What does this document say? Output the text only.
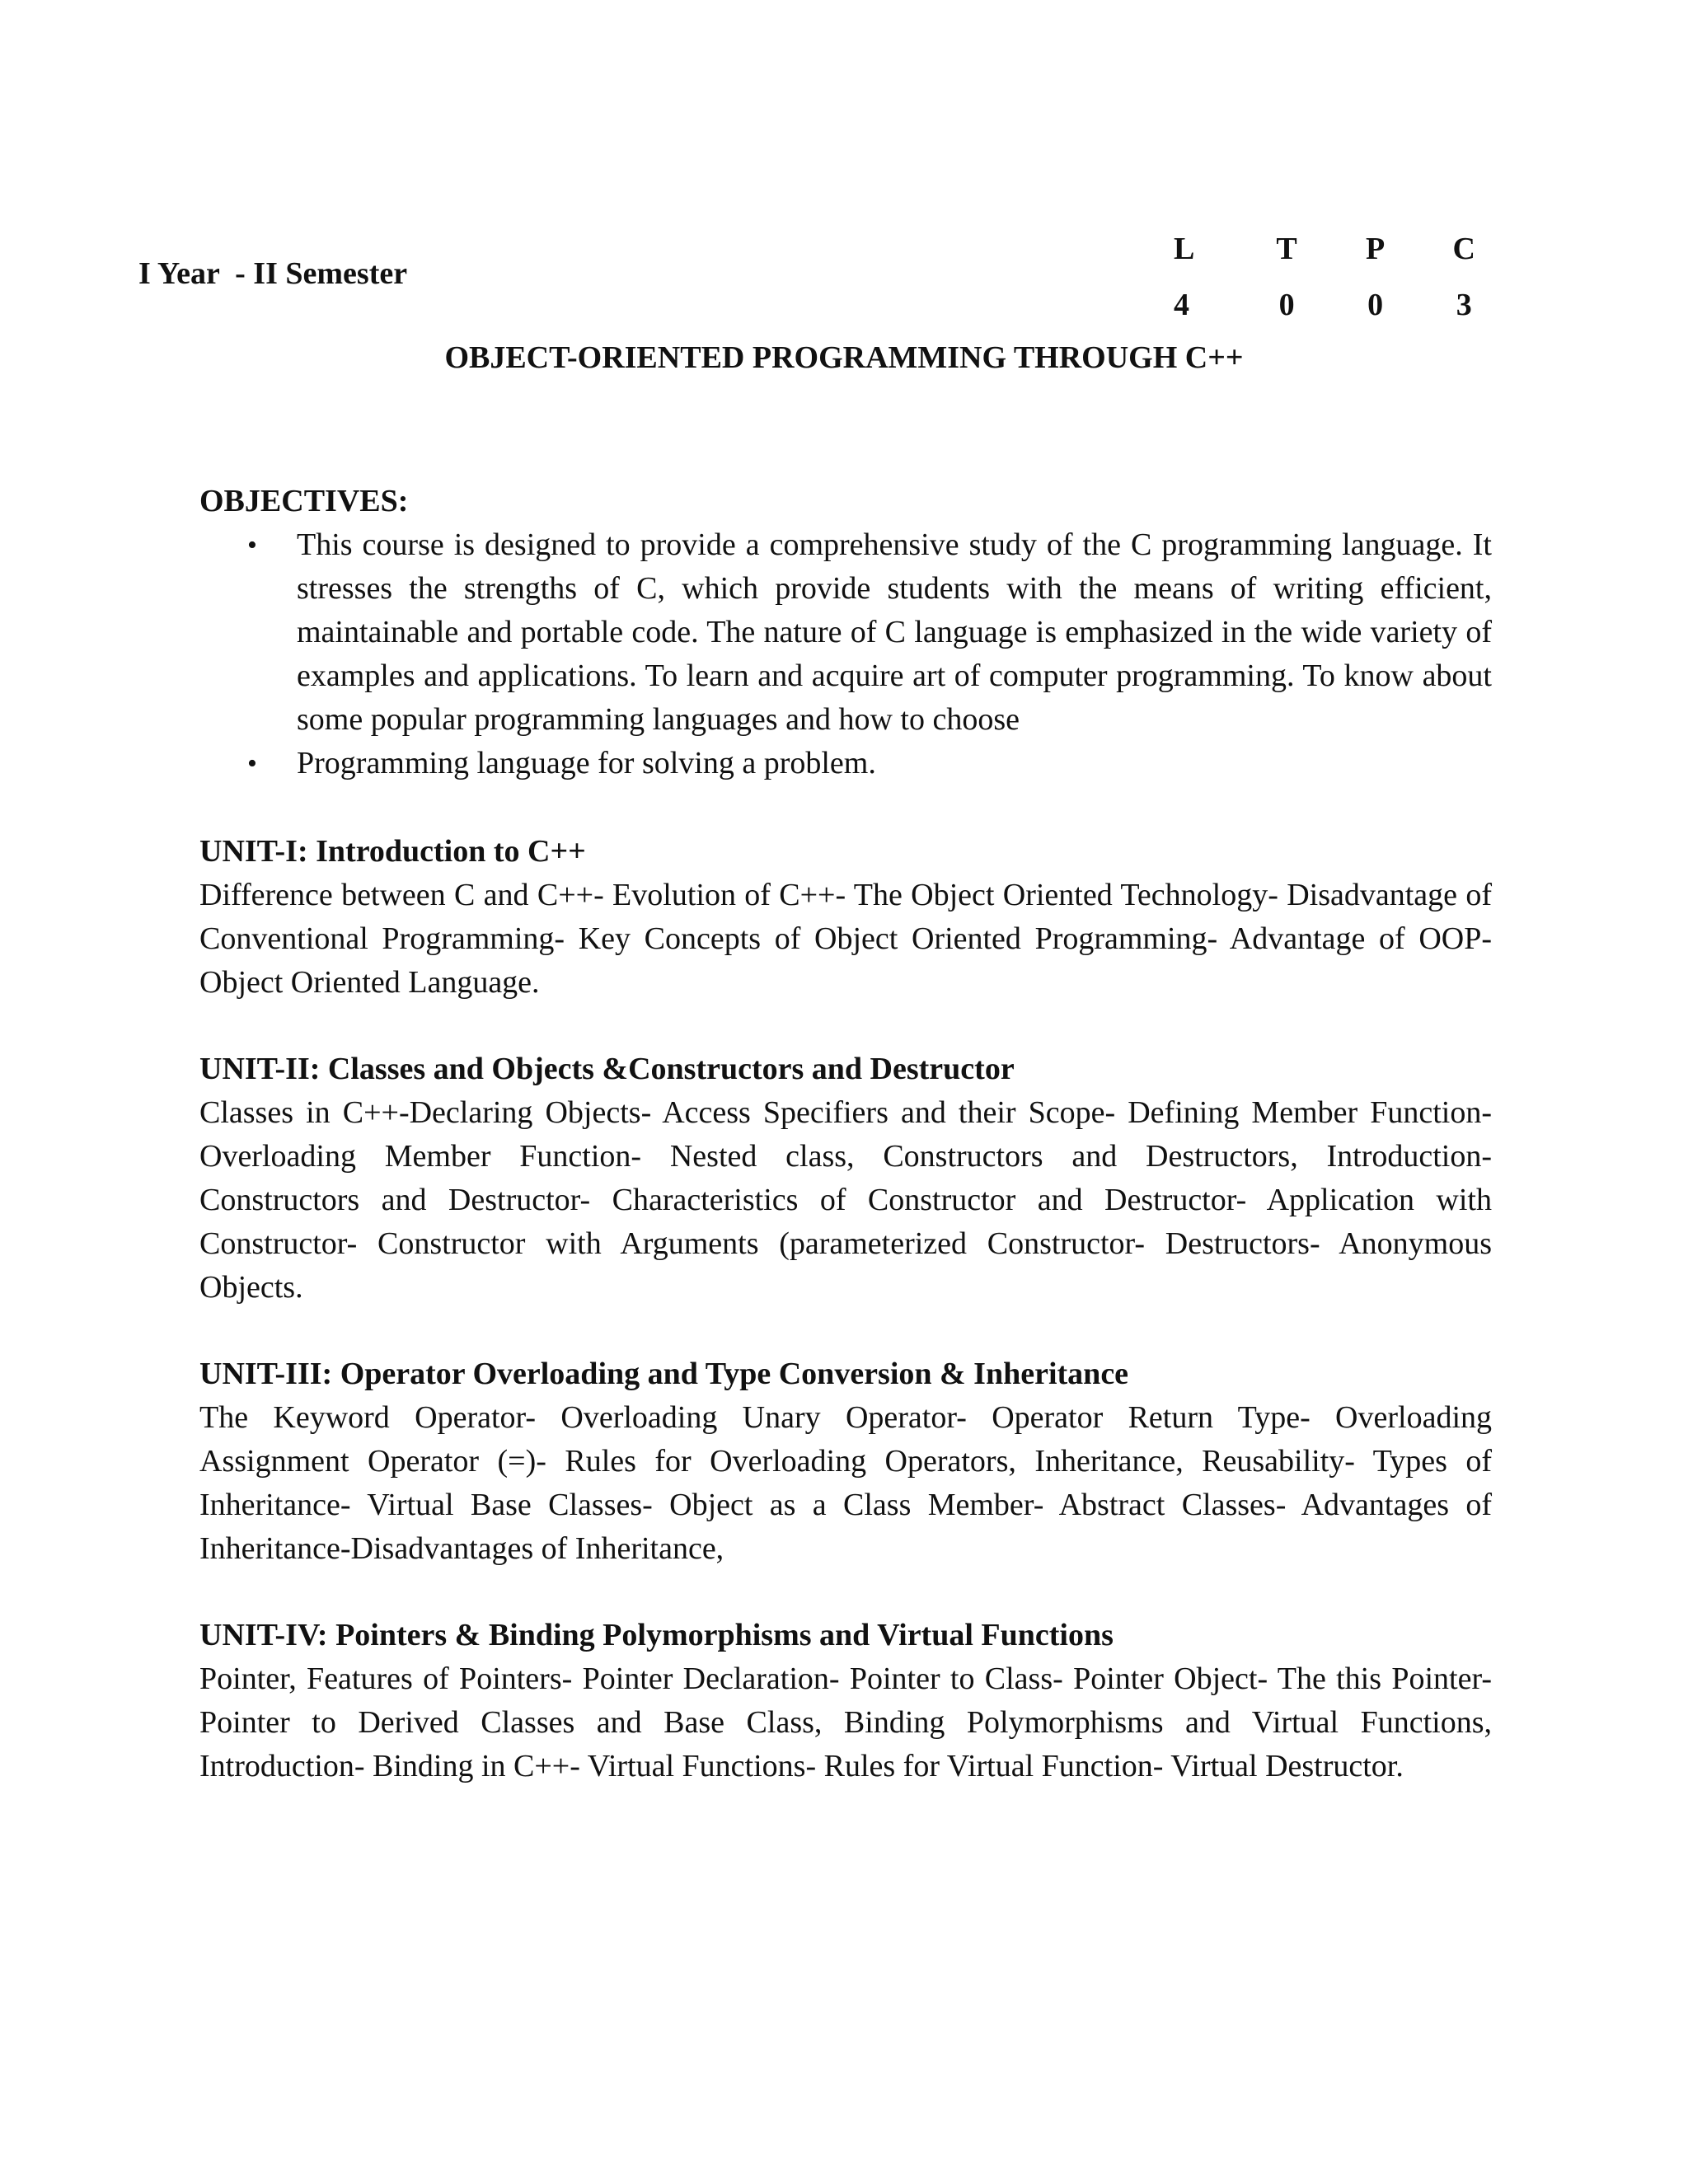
I Year  - II Semester
L	T	P	C
4	0	0	3
OBJECT-ORIENTED PROGRAMMING THROUGH C++
OBJECTIVES:
• This course is designed to provide a comprehensive study of the C programming language. It stresses the strengths of C, which provide students with the means of writing efficient, maintainable and portable code. The nature of C language is emphasized in the wide variety of examples and applications. To learn and acquire art of computer programming. To know about some popular programming languages and how to choose
• Programming language for solving a problem.
UNIT-I: Introduction to C++

Difference between C and C++- Evolution of C++- The Object Oriented Technology- Disadvantage of Conventional Programming- Key Concepts of Object Oriented Programming- Advantage of OOP- Object Oriented Language.

UNIT-II: Classes and Objects &Constructors and Destructor

Classes in C++-Declaring Objects- Access Specifiers and their Scope- Defining Member Function-Overloading Member Function- Nested class, Constructors and Destructors, Introduction- Constructors and Destructor- Characteristics of Constructor and Destructor- Application with Constructor- Constructor with Arguments (parameterized Constructor- Destructors- Anonymous Objects.

UNIT-III: Operator Overloading and Type Conversion & Inheritance

The Keyword Operator- Overloading Unary Operator- Operator Return Type- Overloading Assignment Operator (=)- Rules for Overloading Operators, Inheritance, Reusability- Types of Inheritance- Virtual Base Classes- Object as a Class Member- Abstract Classes- Advantages of Inheritance-Disadvantages of Inheritance,

UNIT-IV: Pointers & Binding Polymorphisms and Virtual Functions

Pointer, Features of Pointers- Pointer Declaration- Pointer to Class- Pointer Object- The this Pointer- Pointer to Derived Classes and Base Class, Binding Polymorphisms and Virtual Functions, Introduction- Binding in C++- Virtual Functions- Rules for Virtual Function- Virtual Destructor.
